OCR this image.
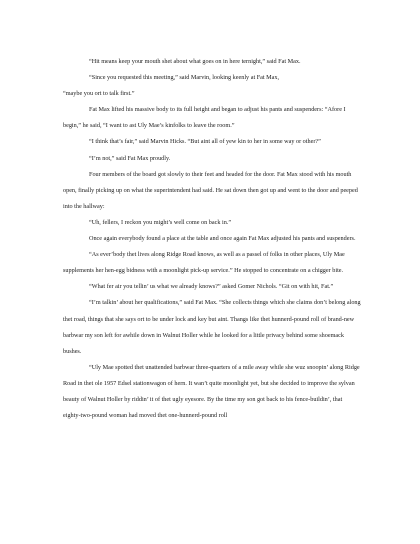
“Hit means keep your mouth shet about what goes on in here ternight,” said Fat Max.

“Since you requested this meeting,” said Marvin, looking keenly at Fat Max,

“maybe you ort to talk first.”

Fat Max lifted his massive body to its full height and began to adjust his pants and suspenders: “Afore I begin,” he said, “I want to ast Uly Mae’s kinfolks to leave the room.”

“I think that’s fair,” said Marvin Hicks. “But aint all of yew kin to her in some way or other?”

“I’m not,” said Fat Max proudly.

Four members of the board got slowly to their feet and headed for the door. Fat Max stood with his mouth open, finally picking up on what the superintendent had said. He sat down then got up and went to the door and peeped into the hallway:

“Uh, fellers, I reckon you might’s well come on back in.”

Once again everybody found a place at the table and once again Fat Max adjusted his pants and suspenders.

“As ever’body thet lives along Ridge Road knows, as well as a passel of folks in other places, Uly Mae supplements her hen-egg bidness with a moonlight pick-up service.” He stopped to concentrate on a chigger bite.

“What fer air you tellin’ us what we already knows?” asked Gomer Nichols. “Git on with hit, Fat.”

“I’m talkin’ about her qualifications,” said Fat Max. “She collects things which she claims don’t belong along thet road, things that she says ort to be under lock and key but aint. Thangs like thet hunnerd-pound roll of brand-new barbwar my son left for awhile down in Walnut Holler while he looked for a little privacy behind some shoemack bushes.

“Uly Mae spotted thet unattended barbwar three-quarters of a mile away while she wuz snoopin’ along Ridge Road in thet ole 1957 Edsel stationwagon of hern. It wan’t quite moonlight yet, but she decided to improve the sylvan beauty of Walnut Holler by riddin’ it of thet ugly eyesore. By the time my son got back to his fence-buildin’, that eighty-two-pound woman had moved thet one-hunnerd-pound roll
